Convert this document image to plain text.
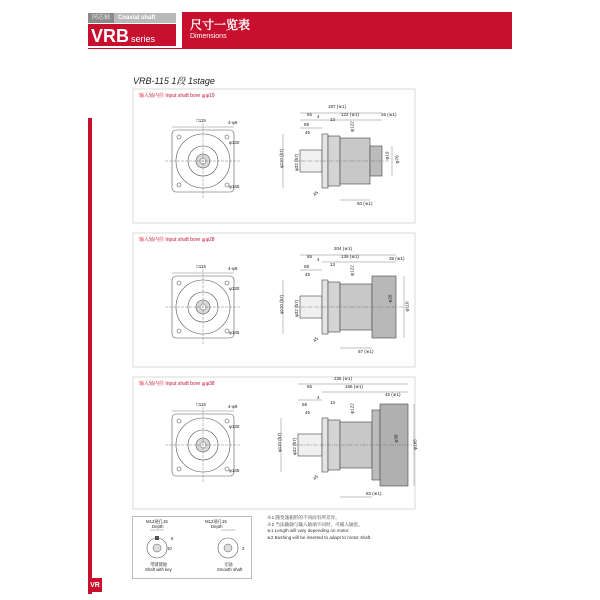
同芯轴	Coaxial shaft
VRB series
尺寸一览表
Dimensions
VRB-115 1段 1stage
输入轴内径 Input shaft bore ≦φ19
输入轴内径 Input shaft bore ≦φ28
输入轴内径 Input shaft bore ≦φ38
□115	4-φ9
φ130
φ145
187 (※1)
65	122 (※1)	26 (※1)
58
4
13
45
φ110 (h7) φ32 (h7)	φ19
φ122
φ70
45
50 (※1)
□115	4-φ9
φ130
φ145
204 (※1)
65	139 (※1)	35 (※1)
58
4
13
45
φ110 (h7) φ32 (h7)
φ28
φ122
φ110
45
67 (※1)
□115	4-φ9
φ130
φ145
235 (※1)
65	165 (※1)
45 (※1)
58
4
13
45
φ110 (h7) φ32 (h7)	φ38
φ122
φ165
45
82 (※1)
M12通孔15
Depth
M12通孔15
Depth
6
10	2
带键键轴
Shaft with key
光轴
Smooth shaft
※1 随变速箱形的不同而有所差异。
※2 当法输轴与输入轴端不同时，可插入轴套。
※1 Length will vary depending on motor.
※2 Bushing will be inserted to adapt to motor shaft.
VR
